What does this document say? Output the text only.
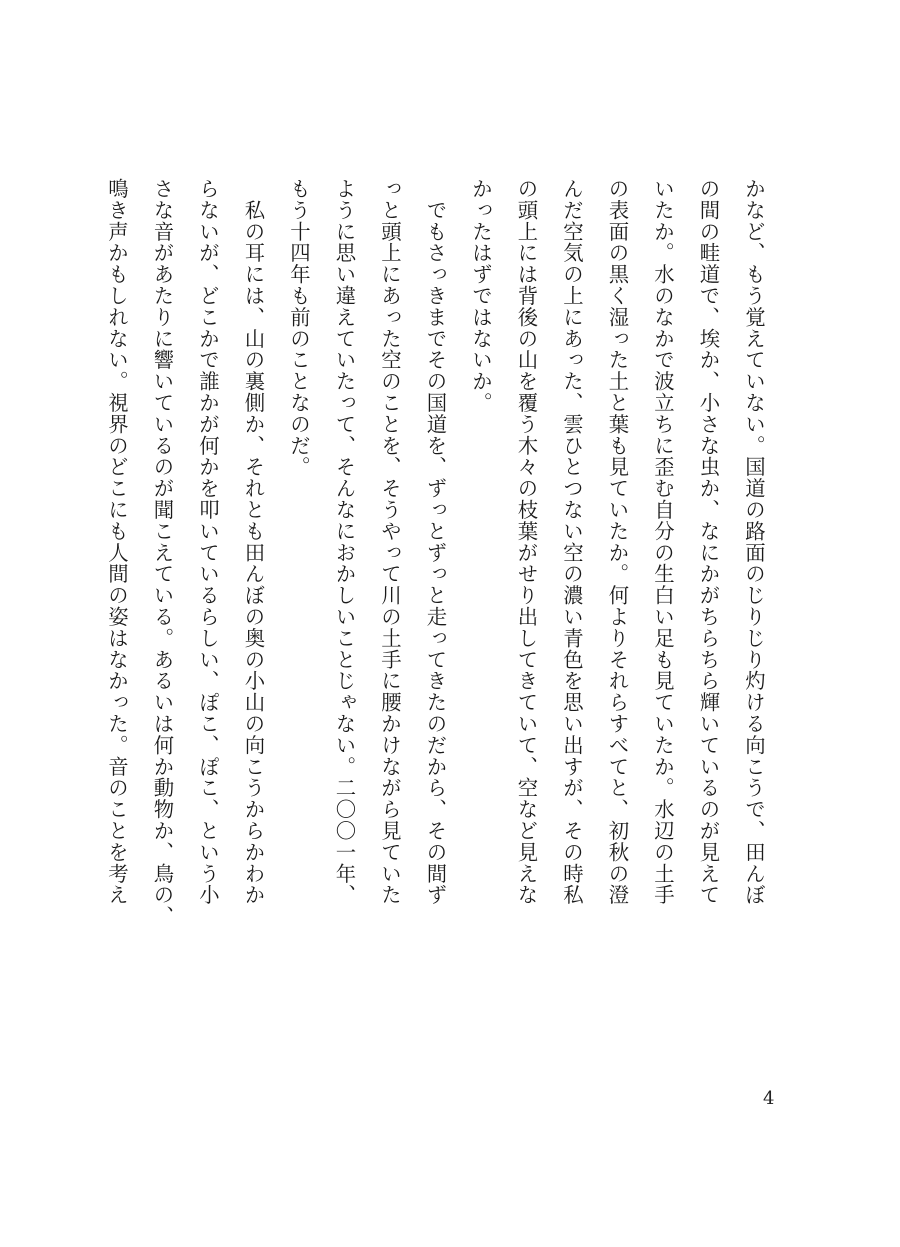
かなど、もう覚えていない。国道の路面のじりじり灼ける向こうで、田んぼ
の間の畦道で、埃か、小さな虫か、なにかがちらちら輝いているのが見えて
いたか。水のなかで波立ちに歪む自分の生白い足も見ていたか。水辺の土手
の表面の黒く湿った土と葉も見ていたか。何よりそれらすべてと、初秋の澄
んだ空気の上にあった、雲ひとつない空の濃い青色を思い出すが、その時私
の頭上には背後の山を覆う木々の枝葉がせり出してきていて、空など見えな
かったはずではないか。
　でもさっきまでその国道を、ずっとずっと走ってきたのだから、その間ず
っと頭上にあった空のことを、そうやって川の土手に腰かけながら見ていた
ように思い違えていたって、そんなにおかしいことじゃない。二〇〇一年、
もう十四年も前のことなのだ。
　私の耳には、山の裏側か、それとも田んぼの奥の小山の向こうからかわか
らないが、どこかで誰かが何かを叩いているらしい、ぽこ、ぽこ、という小
さな音があたりに響いているのが聞こえている。あるいは何か動物か、鳥の、
鳴き声かもしれない。視界のどこにも人間の姿はなかった。音のことを考え
4
